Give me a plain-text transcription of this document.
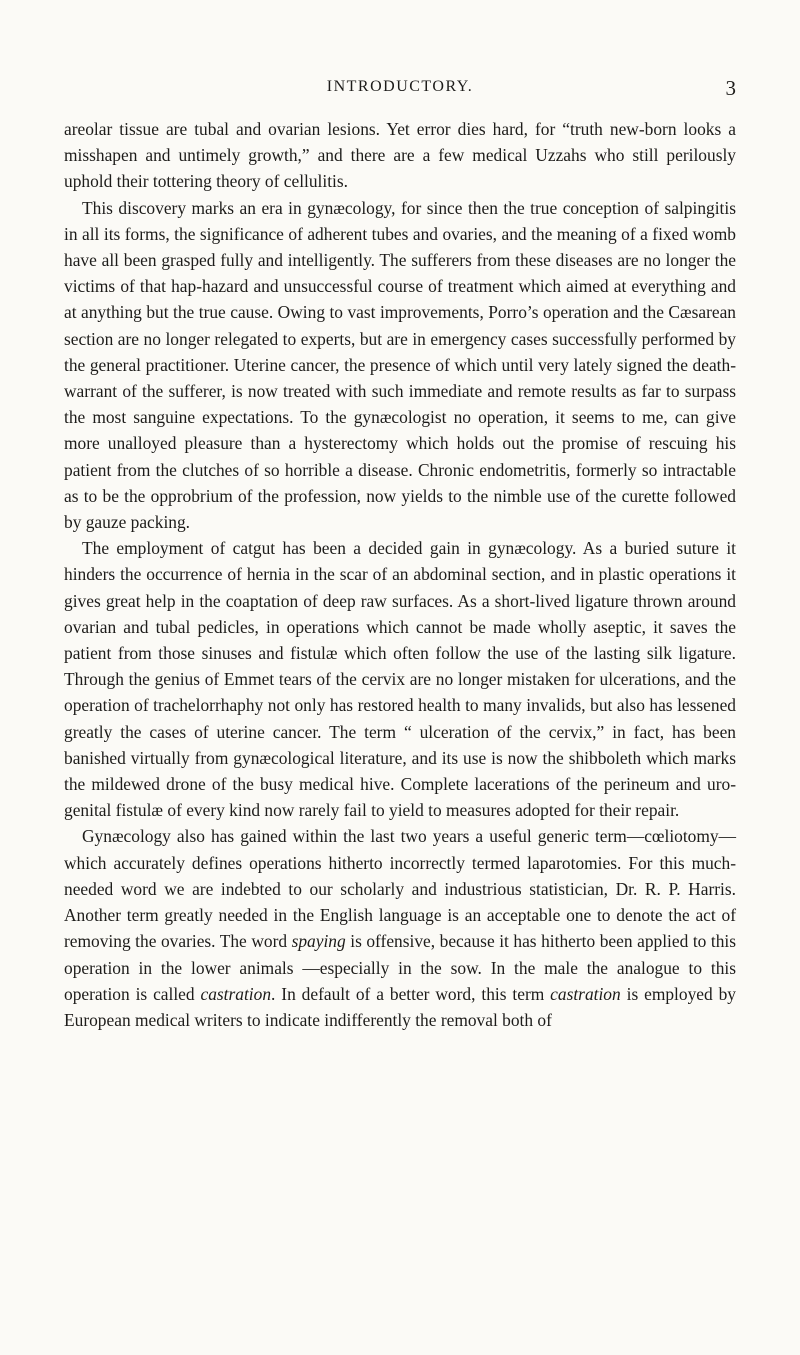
INTRODUCTORY.	3

areolar tissue are tubal and ovarian lesions. Yet error dies hard, for “truth new-born looks a misshapen and untimely growth,” and there are a few medical Uzzahs who still perilously uphold their tottering theory of cellulitis.

This discovery marks an era in gynæcology, for since then the true conception of salpingitis in all its forms, the significance of adherent tubes and ovaries, and the meaning of a fixed womb have all been grasped fully and intelligently. The sufferers from these diseases are no longer the victims of that hap-hazard and unsuccessful course of treatment which aimed at everything and at anything but the true cause. Owing to vast improvements, Porro’s operation and the Cæsarean section are no longer relegated to experts, but are in emergency cases successfully performed by the general practitioner. Uterine cancer, the presence of which until very lately signed the death-warrant of the sufferer, is now treated with such immediate and remote results as far to surpass the most sanguine expectations. To the gynæcologist no operation, it seems to me, can give more unalloyed pleasure than a hysterectomy which holds out the promise of rescuing his patient from the clutches of so horrible a disease. Chronic endometritis, formerly so intractable as to be the opprobrium of the profession, now yields to the nimble use of the curette followed by gauze packing.

The employment of catgut has been a decided gain in gynæcology. As a buried suture it hinders the occurrence of hernia in the scar of an abdominal section, and in plastic operations it gives great help in the coaptation of deep raw surfaces. As a short-lived ligature thrown around ovarian and tubal pedicles, in operations which cannot be made wholly aseptic, it saves the patient from those sinuses and fistulæ which often follow the use of the lasting silk ligature. Through the genius of Emmet tears of the cervix are no longer mistaken for ulcerations, and the operation of trachelorrhaphy not only has restored health to many invalids, but also has lessened greatly the cases of uterine cancer. The term “ ulceration of the cervix,” in fact, has been banished virtually from gynæcological literature, and its use is now the shibboleth which marks the mildewed drone of the busy medical hive. Complete lacerations of the perineum and uro-genital fistulæ of every kind now rarely fail to yield to measures adopted for their repair.

Gynæcology also has gained within the last two years a useful generic term—cœliotomy—which accurately defines operations hitherto incorrectly termed laparotomies. For this much-needed word we are indebted to our scholarly and industrious statistician, Dr. R. P. Harris. Another term greatly needed in the English language is an acceptable one to denote the act of removing the ovaries. The word spaying is offensive, because it has hitherto been applied to this operation in the lower animals —especially in the sow. In the male the analogue to this operation is called castration. In default of a better word, this term castration is employed by European medical writers to indicate indifferently the removal both of
